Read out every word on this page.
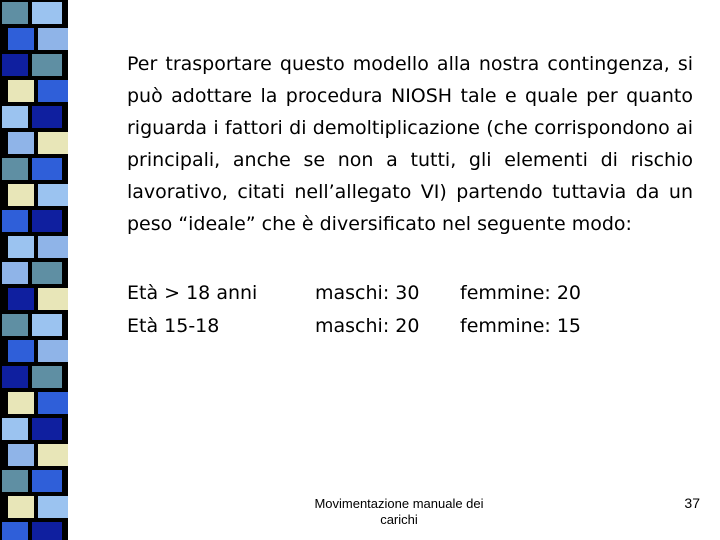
Per trasportare questo modello alla nostra contingenza, si può adottare la procedura NIOSH tale e quale per quanto riguarda i fattori di demoltiplicazione (che corrispondono ai principali, anche se non a tutti, gli elementi di rischio lavorativo, citati nell’allegato VI) partendo tuttavia da un peso “ideale” che è diversificato nel seguente modo:

Età > 18 anni	maschi: 30 femmine: 20
Età 15-18	maschi: 20 femmine: 15
Movimentazione manuale dei carichi
37
